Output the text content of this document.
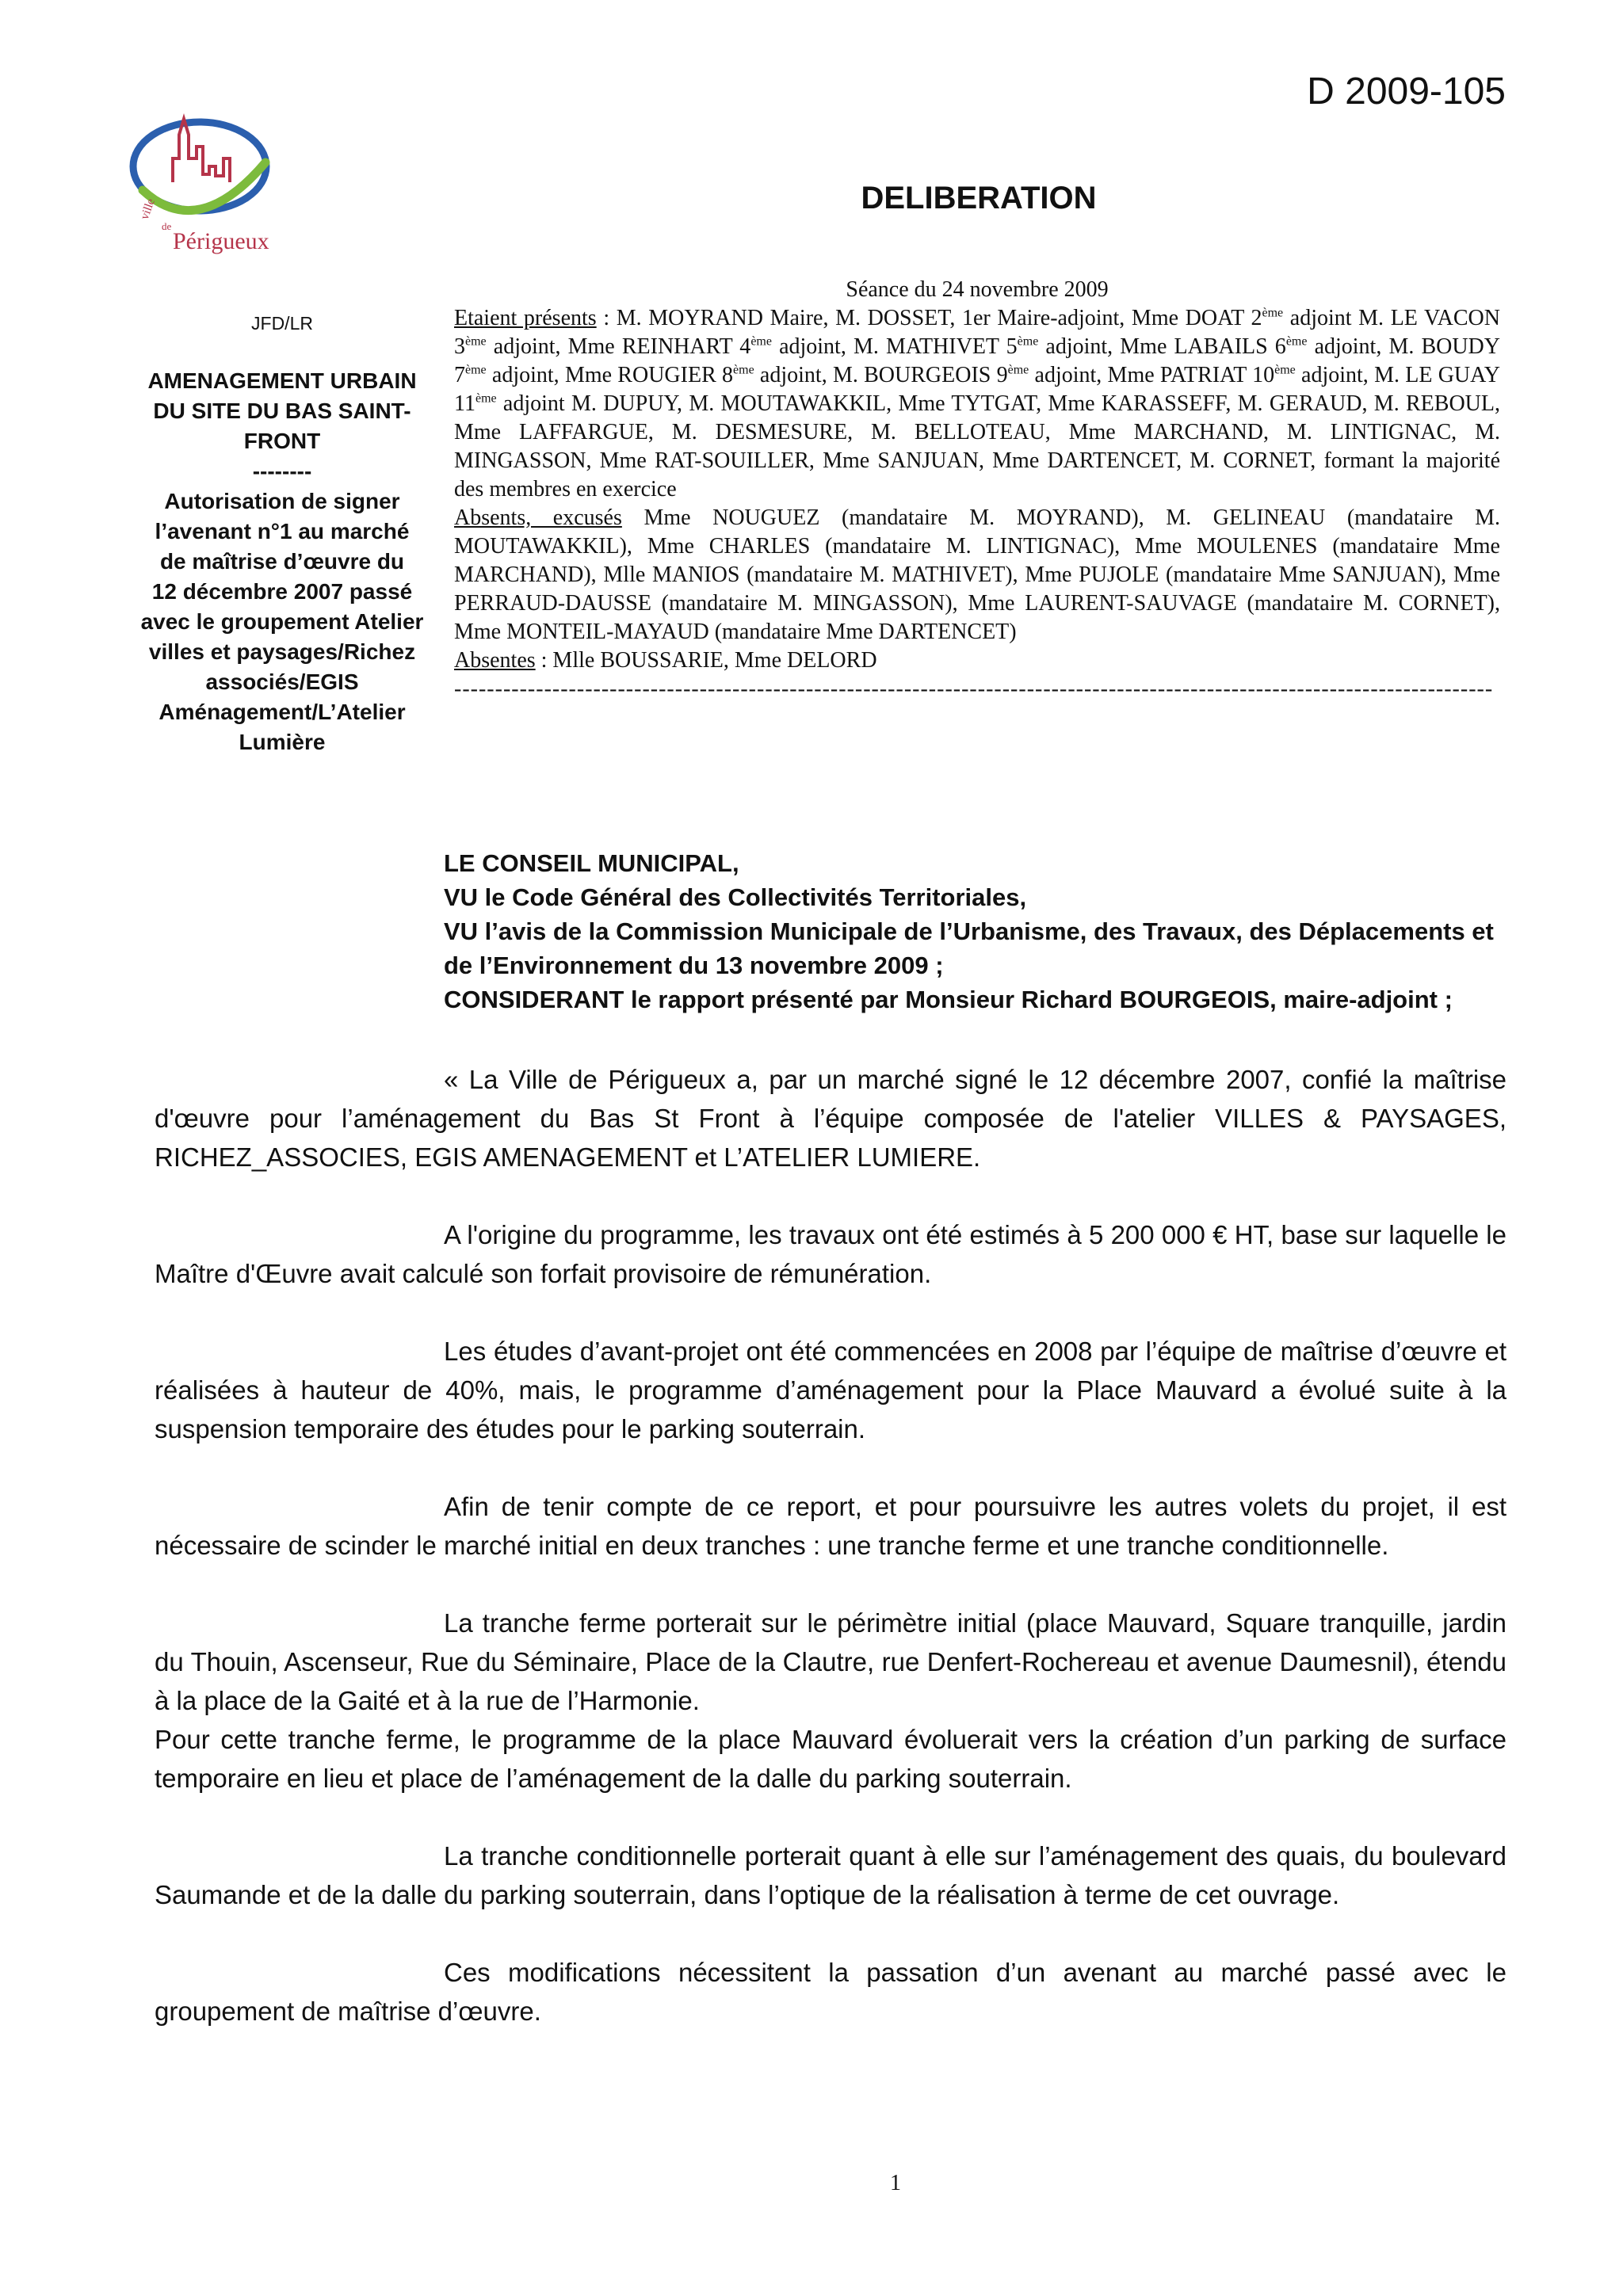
D 2009-105
ville
de
Périgueux
DELIBERATION
JFD/LR
AMENAGEMENT URBAIN
DU SITE DU BAS SAINT-
FRONT
--------
Autorisation de signer
l’avenant n°1 au marché
de maîtrise d’œuvre du
12 décembre 2007 passé
avec le groupement Atelier
villes et paysages/Richez
associés/EGIS
Aménagement/L’Atelier
Lumière
Séance du 24 novembre 2009
Etaient présents : M. MOYRAND Maire, M. DOSSET, 1er Maire-adjoint, Mme DOAT 2ème adjoint M. LE VACON 3ème adjoint, Mme REINHART 4ème adjoint, M. MATHIVET 5ème adjoint, Mme LABAILS 6ème adjoint, M. BOUDY 7ème adjoint, Mme ROUGIER 8ème adjoint, M. BOURGEOIS 9ème adjoint, Mme PATRIAT 10ème adjoint, M. LE GUAY 11ème adjoint M. DUPUY, M. MOUTAWAKKIL, Mme TYTGAT, Mme KARASSEFF, M. GERAUD, M. REBOUL, Mme LAFFARGUE, M. DESMESURE, M. BELLOTEAU, Mme MARCHAND, M. LINTIGNAC, M. MINGASSON, Mme RAT-SOUILLER, Mme SANJUAN, Mme DARTENCET, M. CORNET, formant la majorité des membres en exercice
Absents, excusés Mme NOUGUEZ (mandataire M. MOYRAND), M. GELINEAU (mandataire M. MOUTAWAKKIL), Mme CHARLES (mandataire M. LINTIGNAC), Mme MOULENES (mandataire Mme MARCHAND), Mlle MANIOS (mandataire M. MATHIVET), Mme PUJOLE (mandataire Mme SANJUAN), Mme PERRAUD-DAUSSE (mandataire M. MINGASSON), Mme LAURENT-SAUVAGE (mandataire M. CORNET), Mme MONTEIL-MAYAUD (mandataire Mme DARTENCET)
Absentes : Mlle BOUSSARIE, Mme DELORD
-------------------------------------------------------------------------------------------------------------------------------
LE CONSEIL MUNICIPAL,
VU le Code Général des Collectivités Territoriales,
VU l’avis de la Commission Municipale de l’Urbanisme, des Travaux, des Déplacements et de l’Environnement du 13 novembre 2009 ;
CONSIDERANT le rapport présenté par Monsieur Richard BOURGEOIS, maire-adjoint ;

« La Ville de Périgueux a, par un marché signé le 12 décembre 2007, confié la maîtrise d'œuvre pour l’aménagement du Bas St Front à l’équipe composée de l'atelier VILLES & PAYSAGES, RICHEZ_ASSOCIES, EGIS AMENAGEMENT et L’ATELIER LUMIERE.

A l'origine du programme, les travaux ont été estimés à 5 200 000 € HT, base sur laquelle le Maître d'Œuvre avait calculé son forfait provisoire de rémunération.

Les études d’avant-projet ont été commencées en 2008 par l’équipe de maîtrise d’œuvre et réalisées à hauteur de 40%, mais, le programme d’aménagement pour la Place Mauvard a évolué suite à la suspension temporaire des études pour le parking souterrain.

Afin de tenir compte de ce report, et pour poursuivre les autres volets du projet, il est nécessaire de scinder le marché initial en deux tranches : une tranche ferme et une tranche conditionnelle.

La tranche ferme porterait sur le périmètre initial (place Mauvard, Square tranquille, jardin du Thouin, Ascenseur, Rue du Séminaire, Place de la Clautre, rue Denfert-Rochereau et avenue Daumesnil), étendu à la place de la Gaité et à la rue de l’Harmonie.

Pour cette tranche ferme, le programme de la place Mauvard évoluerait vers la création d’un parking de surface temporaire en lieu et place de l’aménagement de la dalle du parking souterrain.

La tranche conditionnelle porterait quant à elle sur l’aménagement des quais, du boulevard Saumande et de la dalle du parking souterrain, dans l’optique de la réalisation à terme de cet ouvrage.

Ces modifications nécessitent la passation d’un avenant au marché passé avec le groupement de maîtrise d’œuvre.

1
